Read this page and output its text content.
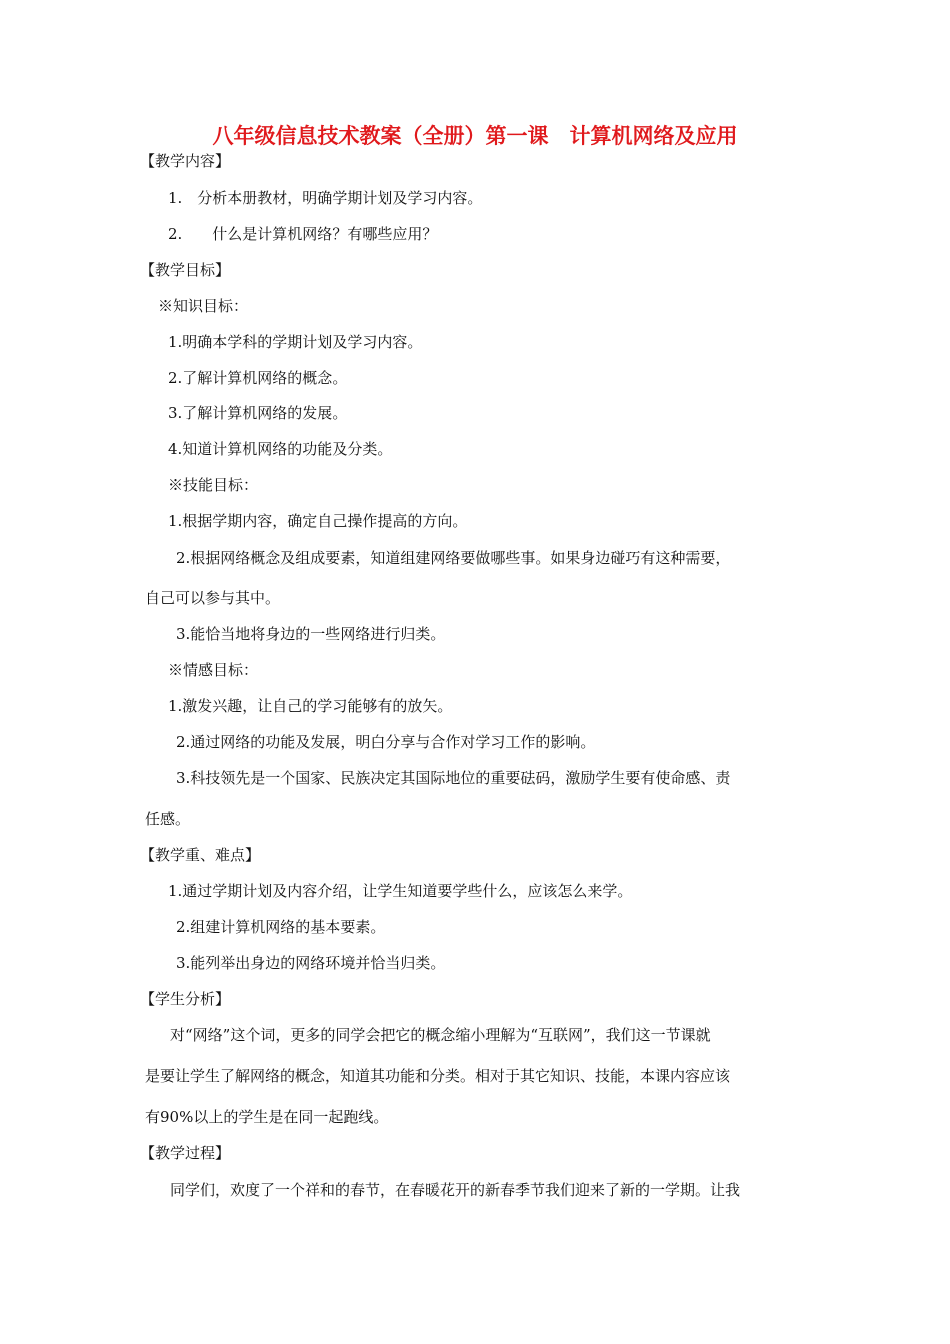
八年级信息技术教案（全册）第一课　计算机网络及应用
【教学内容】
1.　分析本册教材，明确学期计划及学习内容。
2.　　什么是计算机网络？有哪些应用？
【教学目标】
※知识目标：
1.明确本学科的学期计划及学习内容。
2.了解计算机网络的概念。
3.了解计算机网络的发展。
4.知道计算机网络的功能及分类。
※技能目标：
1.根据学期内容，确定自己操作提高的方向。
2.根据网络概念及组成要素，知道组建网络要做哪些事。如果身边碰巧有这种需要，
自己可以参与其中。
3.能恰当地将身边的一些网络进行归类。
※情感目标：
1.激发兴趣，让自己的学习能够有的放矢。
2.通过网络的功能及发展，明白分享与合作对学习工作的影响。
3.科技领先是一个国家、民族决定其国际地位的重要砝码，激励学生要有使命感、责
任感。
【教学重、难点】
1.通过学期计划及内容介绍，让学生知道要学些什么，应该怎么来学。
2.组建计算机网络的基本要素。
3.能列举出身边的网络环境并恰当归类。
【学生分析】
对“网络”这个词，更多的同学会把它的概念缩小理解为“互联网”，我们这一节课就
是要让学生了解网络的概念，知道其功能和分类。相对于其它知识、技能，本课内容应该
有90%以上的学生是在同一起跑线。
【教学过程】
同学们，欢度了一个祥和的春节，在春暖花开的新春季节我们迎来了新的一学期。让我
